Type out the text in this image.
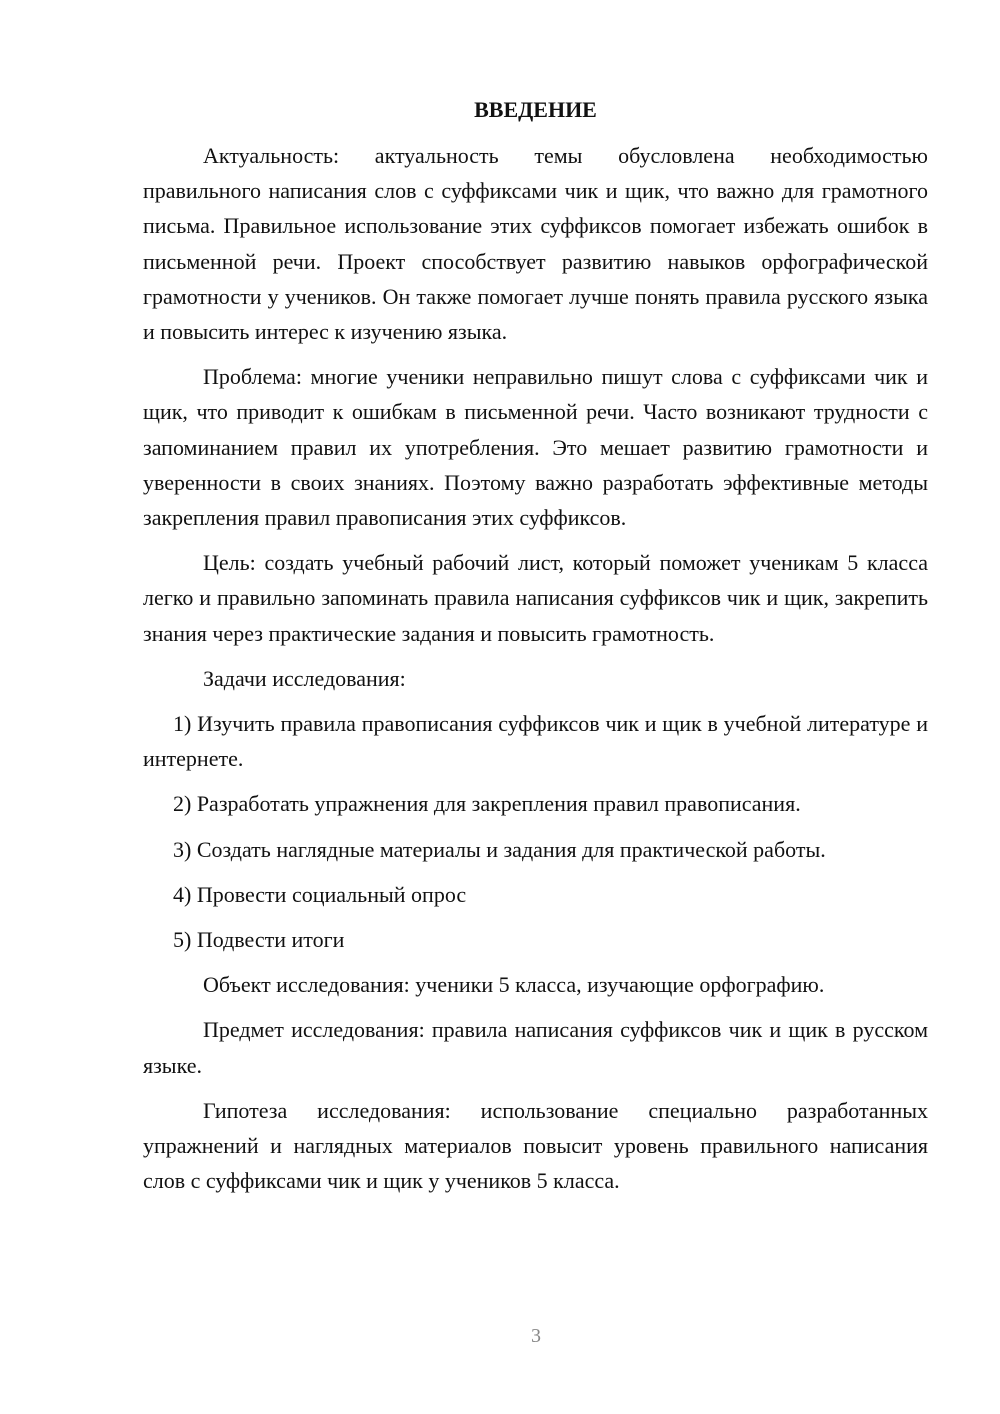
ВВЕДЕНИЕ

Актуальность: актуальность темы обусловлена необходимостью правильного написания слов с суффиксами чик и щик, что важно для грамотного письма. Правильное использование этих суффиксов помогает избежать ошибок в письменной речи. Проект способствует развитию навыков орфографической грамотности у учеников. Он также помогает лучше понять правила русского языка и повысить интерес к изучению языка.

Проблема: многие ученики неправильно пишут слова с суффиксами чик и щик, что приводит к ошибкам в письменной речи. Часто возникают трудности с запоминанием правил их употребления. Это мешает развитию грамотности и уверенности в своих знаниях. Поэтому важно разработать эффективные методы закрепления правил правописания этих суффиксов.

Цель: создать учебный рабочий лист, который поможет ученикам 5 класса легко и правильно запоминать правила написания суффиксов чик и щик, закрепить знания через практические задания и повысить грамотность.

Задачи исследования:

1) Изучить правила правописания суффиксов чик и щик в учебной литературе и интернете.

2) Разработать упражнения для закрепления правил правописания.

3) Создать наглядные материалы и задания для практической работы.

4) Провести социальный опрос

5) Подвести итоги

Объект исследования: ученики 5 класса, изучающие орфографию.

Предмет исследования: правила написания суффиксов чик и щик в русском языке.

Гипотеза исследования: использование специально разработанных упражнений и наглядных материалов повысит уровень правильного написания слов с суффиксами чик и щик у учеников 5 класса.

3
